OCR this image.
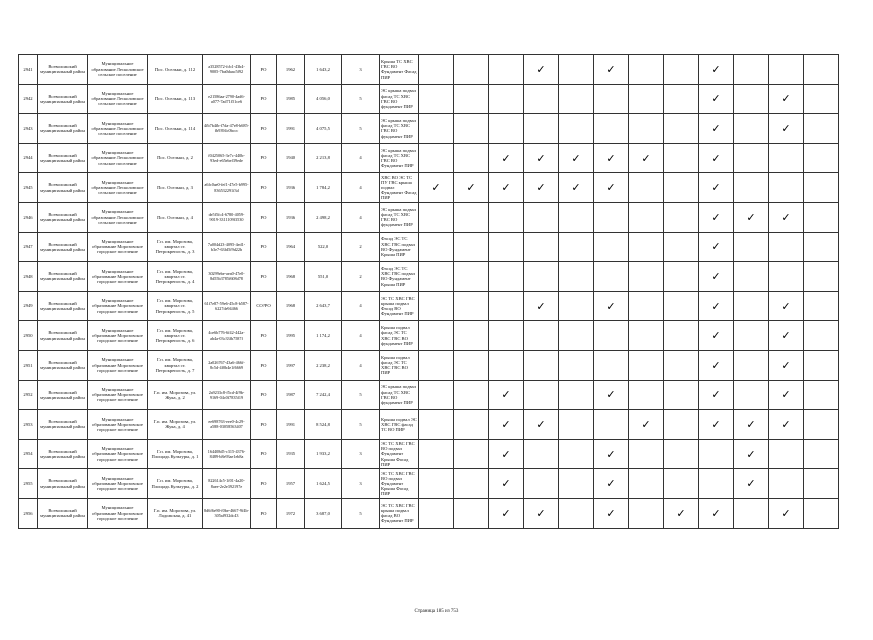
2941	Всеволожский муниципальный район	Муниципальное образование Лесколовское сельское поселение	Пос. Осельки, д. 112	a3528572-fcb1-43b4-9005-7ba0daac5f92	РО	1962	1 643,2	3	Крыша ТС ХВС ГВС ВО Фундамент Фасад ПИР				✓		✓			✓			
2942	Всеволожский муниципальный район	Муниципальное образование Лесколовское сельское поселение	Пос. Осельки, д. 113	e21586aa-2790-4ad6-a077-7ad71f51ce6	РО	1985	4 056,0	5	ЭС крыша подвал фасад ТС ХВС ГВС ВО фундамент ПИР									✓		✓	
2943	Всеволожский муниципальный район	Муниципальное образование Лесколовское сельское поселение	Пос. Осельки, д. 114	4fb7b4fb-f7da-47e8-b685-fb9394c0bccc	РО	1991	4 075,5	5	ЭС крыша подвал фасад ТС ХВС ГВС ВО фундамент ПИР									✓		✓	
2944	Всеволожский муниципальный район	Муниципальное образование Лесколовское сельское поселение	Пос. Осельки, д. 2	f0425065-3e7c-440b-93ed-e65ebef39ede	РО	1940	2 213,8	4	ЭС крыша подвал фасад ТС ХВС ГВС ВО Фундамент ПИР			✓	✓	✓	✓	✓		✓			
2945	Всеволожский муниципальный район	Муниципальное образование Лесколовское сельское поселение	Пос. Осельки, д. 3	a6fc0ae0-fef1-47e5-b995-836532291f3d	РО	1936	1 784,2	4	ХВС ВО ЭС ТС ПУ ГВС крыша подвал Фундамент Фасад ПИР	✓	✓	✓	✓	✓	✓			✓			
2946	Всеволожский муниципальный район	Муниципальное образование Лесколовское сельское поселение	Пос. Осельки, д. 4	de5f5fc4-6780-4059-9019-3311109f3530	РО	1936	2 498,2	4	ЭС крыша подвал фасад ТС ХВС ГВС ВО фундамент ПИР									✓	✓	✓	
2947	Всеволожский муниципальный район	Муниципальное образование Морозовское городское поселение	Г.п. им. Морозова, квартал ст. Петрокрепость, д. 3	7a004d23-4095-4ed1-b3e7-63fd5f9d22b	РО	1964	522,0	2	Фасад ЭС ТС ХВС ГВС подвал ВО Фундамент Крыша ПИР									✓			
2948	Всеволожский муниципальный район	Муниципальное образование Морозовское городское поселение	Г.п. им. Морозова, квартал ст. Петрокрепость, д. 4	30299ebe-aea0-47e0-8d55b3785f608d78	РО	1968	551,0	2	Фасад ЭС ТС ХВС ГВС подвал ВО Фундамент Крыша ПИР									✓			
2949	Всеволожский муниципальный район	Муниципальное образование Морозовское городское поселение	Г.п. им. Морозова, квартал ст. Петрокрепость, д. 5	61f7e87-59e6-45c8-b587-6227de94466	СО?РО	1968	2 643,7	4	ЭС ТС ХВС ГВС крыша подвал Фасад ВО Фундамент ПИР				✓		✓			✓		✓	
2950	Всеволожский муниципальный район	Муниципальное образование Морозовское городское поселение	Г.п. им. Морозова, квартал ст. Петрокрепость, д. 6	4ce6b776-6f42-442a-ab4a-03c33fb7587f	РО	1995	1 174,2	4	Крыша подвал фасад ЭС ТС ХВС ГВС ВО фундамент ПИР									✓		✓	
2951	Всеволожский муниципальный район	Муниципальное образование Морозовское городское поселение	Г.п. им. Морозова, квартал ст. Петрокрепость, д. 7	2a026767-43a6-466f-8c5d-4f0b4e1f6669	РО	1997	2 238,2	4	Крыша подвал фасад ЭС ТС ХВС ГВС ВО ПИР									✓		✓	
2952	Всеволожский муниципальный район	Муниципальное образование Морозовское городское поселение	Г.п. им. Морозова, ул. Жука, д. 2	2a9233c8-f5cd-4f9b-9169-04c0f7835f19	РО	1987	7 242,4	5	ЭС крыша подвал фасад ТС ХВС ГВС ВО фундамент ПИР			✓			✓			✓		✓	
2953	Всеволожский муниципальный район	Муниципальное образование Морозовское городское поселение	Г.п. им. Морозова, ул. Жука, д. 4	ee698763-eee0-4c29-a588-03058563407	РО	1991	8 524,8	5	Крыша подвал ЭС ХВС ГВС фасад ТС ВО ПИР			✓	✓			✓		✓	✓	✓	
2954	Всеволожский муниципальный район	Муниципальное образование Морозовское городское поселение	Г.п. им. Морозова, Площадь Культуры, д. 1	164408d5-c315-4376-8489-b8e93ae1eb8a	РО	1935	1 933,2	3	ЭС ТС ХВС ГВС ВО подвал Фундамент Крыша Фасад ПИР			✓			✓				✓		
2955	Всеволожский муниципальный район	Муниципальное образование Морозовское городское поселение	Г.п. им. Морозова, Площадь Культуры, д. 2	822614c5-1f01-4a20-8aee-2e2e392197e	РО	1957	1 624,5	3	ЭС ТС ХВС ГВС ВО подвал Фундамент Крыша Фасад ПИР			✓			✓				✓		
2956	Всеволожский муниципальный район	Муниципальное образование Морозовское городское поселение	Г.п. им. Морозова, ул. Ладожская, д. 41	8d6f6e90-f0be-4667-9f4b-305af932dc43	РО	1972	3 687,0	5	ЭС ТС ХВС ГВС крыша подвал фасад ВО Фундамент ПИР			✓	✓		✓		✓	✓		✓	
Страница 185 из 753
